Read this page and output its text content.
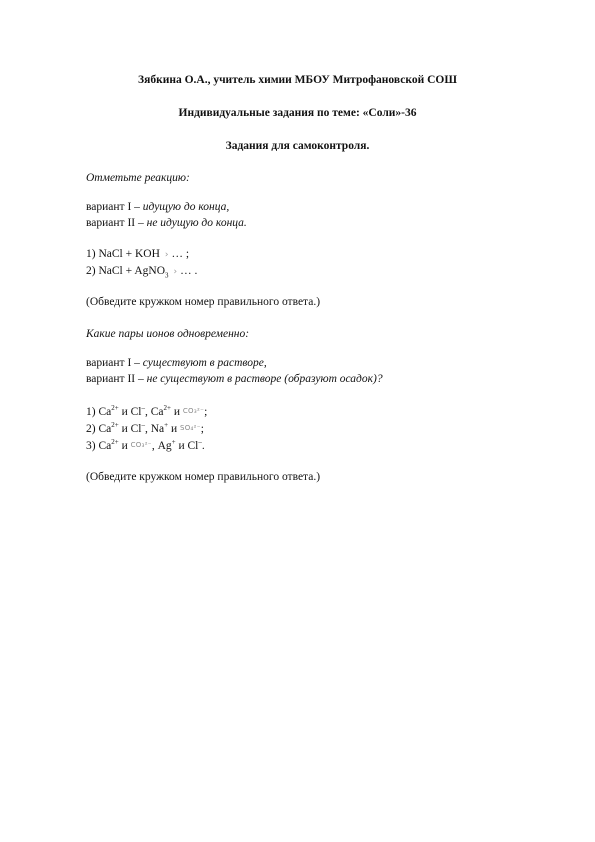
Зябкина О.А., учитель химии МБОУ Митрофановской СОШ
Индивидуальные задания по теме: «Соли»-36
Задания для самоконтроля.
Отметьте реакцию:
вариант I – идущую до конца,
вариант II – не идущую до конца.
1) NaCl + KOH › … ;
2) NaCl + AgNO$_3$ › … .
(Обведите кружком номер правильного ответа.)
Какие пары ионов одновременно:
вариант I – существуют в растворе,
вариант II – не существуют в растворе (образуют осадок)?
1) $Ca^{2+}$ и Cl–, $Ca^{2+}$ и CO₃²⁻;
2) $Ca^{2+}$ и Cl–, Na+ и SO₄²⁻;
3) $Ca^{2+}$ и CO₃²⁻, Ag+ и Cl–.
(Обведите кружком номер правильного ответа.)
